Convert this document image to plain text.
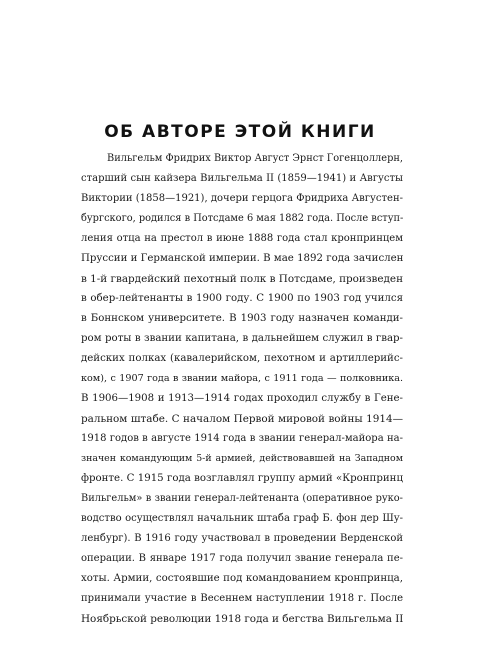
ОБ АВТОРЕ ЭТОЙ КНИГИ
Вильгельм Фридрих Виктор Август Эрнст Гогенцоллерн,
старший сын кайзера Вильгельма II (1859—1941) и Августы
Виктории (1858—1921), дочери герцога Фридриха Августен-
бургского, родился в Потсдаме 6 мая 1882 года. После вступ-
ления отца на престол в июне 1888 года стал кронпринцем
Пруссии и Германской империи. В мае 1892 года зачислен
в 1-й гвардейский пехотный полк в Потсдаме, произведен
в обер-лейтенанты в 1900 году. С 1900 по 1903 год учился
в Боннском университете. В 1903 году назначен команди-
ром роты в звании капитана, в дальнейшем служил в гвар-
дейских полках (кавалерийском, пехотном и артиллерийс-
ком), с 1907 года в звании майора, с 1911 года — полковника.
В 1906—1908 и 1913—1914 годах проходил службу в Гене-
ральном штабе. С началом Первой мировой войны 1914—
1918 годов в августе 1914 года в звании генерал-майора на-
значен командующим 5-й армией, действовавшей на Западном
фронте. С 1915 года возглавлял группу армий «Кронпринц
Вильгельм» в звании генерал-лейтенанта (оперативное руко-
водство осуществлял начальник штаба граф Б. фон дер Шу-
ленбург). В 1916 году участвовал в проведении Верденской
операции. В январе 1917 года получил звание генерала пе-
хоты. Армии, состоявшие под командованием кронпринца,
принимали участие в Весеннем наступлении 1918 г. После
Ноябрьской революции 1918 года и бегства Вильгельма II
